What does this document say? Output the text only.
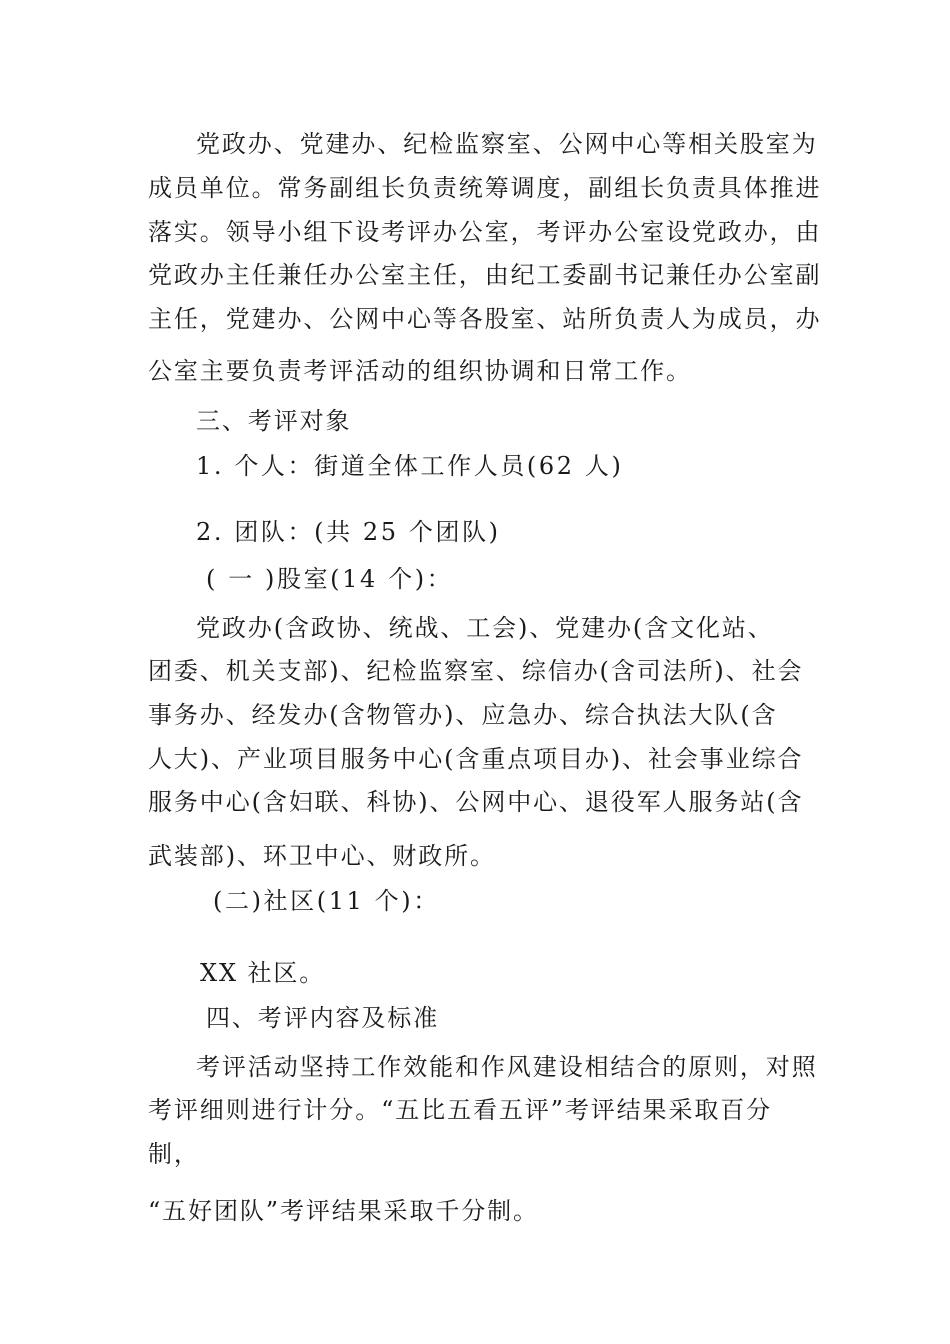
党政办、党建办、纪检监察室、公网中心等相关股室为
成员单位。常务副组长负责统筹调度，副组长负责具体推进
落实。领导小组下设考评办公室，考评办公室设党政办，由
党政办主任兼任办公室主任，由纪工委副书记兼任办公室副
主任，党建办、公网中心等各股室、站所负责人为成员，办
公室主要负责考评活动的组织协调和日常工作。
三、考评对象
1. 个人：街道全体工作人员(62 人)
2. 团队：(共 25 个团队)
( 一 )股室(14 个)：
党政办(含政协、统战、工会)、党建办(含文化站、
团委、机关支部)、纪检监察室、综信办(含司法所)、社会
事务办、经发办(含物管办)、应急办、综合执法大队(含
人大)、产业项目服务中心(含重点项目办)、社会事业综合
服务中心(含妇联、科协)、公网中心、退役军人服务站(含
武装部)、环卫中心、财政所。
(二)社区(11 个)：
XX 社区。
四、考评内容及标准
考评活动坚持工作效能和作风建设相结合的原则，对照
考评细则进行计分。“五比五看五评”考评结果采取百分
制，
“五好团队”考评结果采取千分制。
